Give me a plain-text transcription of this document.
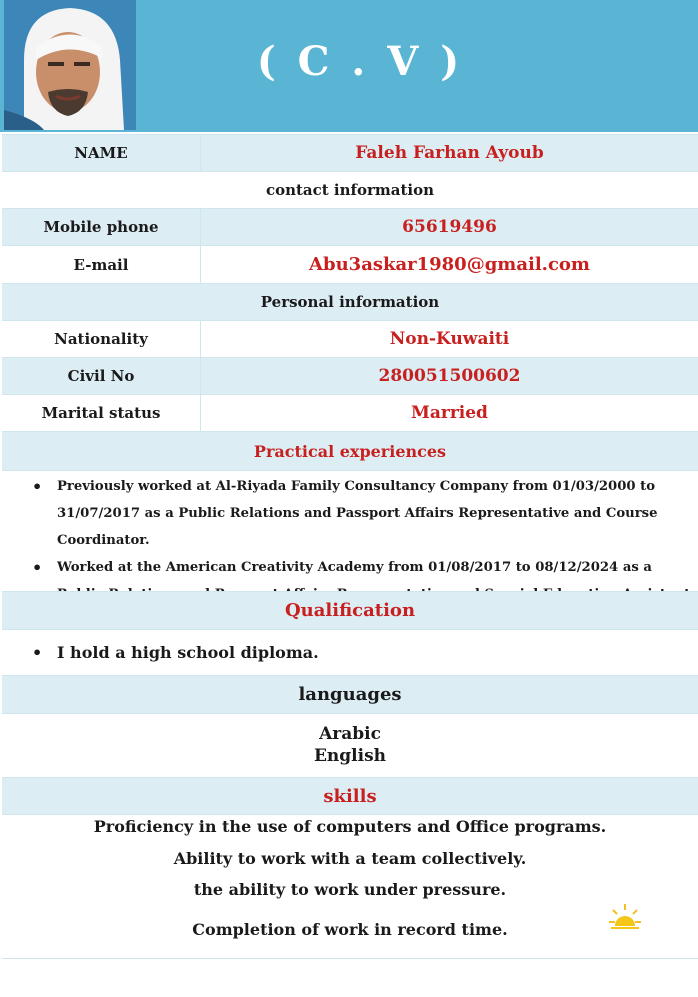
( C . V )
NAME	Faleh Farhan Ayoub
contact information
Mobile phone	65619496
E-mail	Abu3askar1980@gmail.com
Personal information
Nationality	Non-Kuwaiti
Civil No	280051500602
Marital status	Married
Practical experiences
• Previously worked at Al-Riyada Family Consultancy Company from 01/03/2000 to 31/07/2017 as a Public Relations and Passport Affairs Representative and Course Coordinator.
• Worked at the American Creativity Academy from 01/08/2017 to 08/12/2024 as a
Qualification
• I hold a high school diploma.
languages
Arabic
English
skills
Proficiency in the use of computers and Office programs.
Ability to work with a team collectively.
the ability to work under pressure.
Completion of work in record time.
